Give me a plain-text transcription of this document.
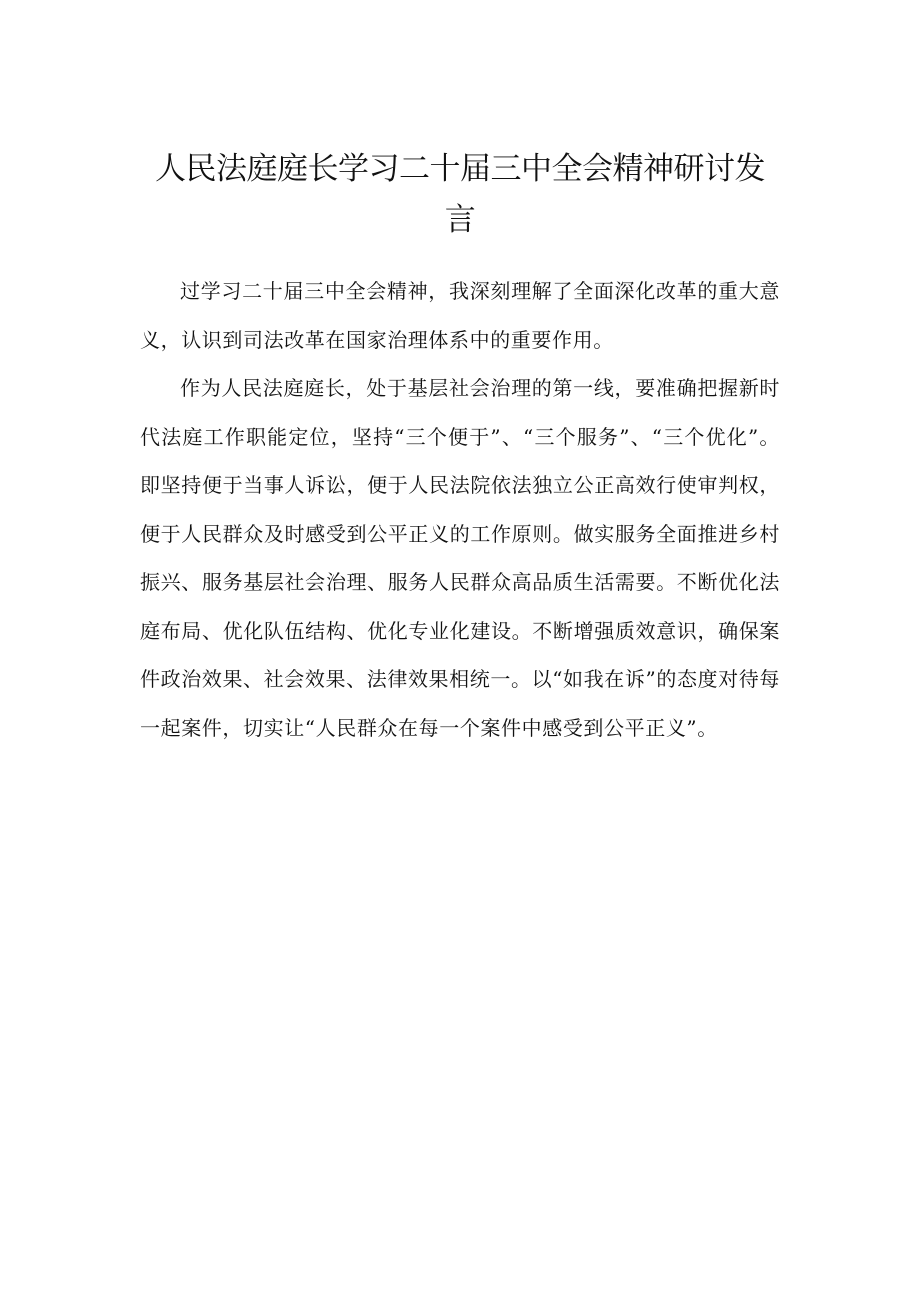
人民法庭庭长学习二十届三中全会精神研讨发言

过学习二十届三中全会精神，我深刻理解了全面深化改革的重大意义，认识到司法改革在国家治理体系中的重要作用。

作为人民法庭庭长，处于基层社会治理的第一线，要准确把握新时代法庭工作职能定位，坚持“三个便于”、“三个服务”、“三个优化”。即坚持便于当事人诉讼，便于人民法院依法独立公正高效行使审判权，便于人民群众及时感受到公平正义的工作原则。做实服务全面推进乡村振兴、服务基层社会治理、服务人民群众高品质生活需要。不断优化法庭布局、优化队伍结构、优化专业化建设。不断增强质效意识，确保案件政治效果、社会效果、法律效果相统一。以“如我在诉”的态度对待每一起案件，切实让“人民群众在每一个案件中感受到公平正义”。
